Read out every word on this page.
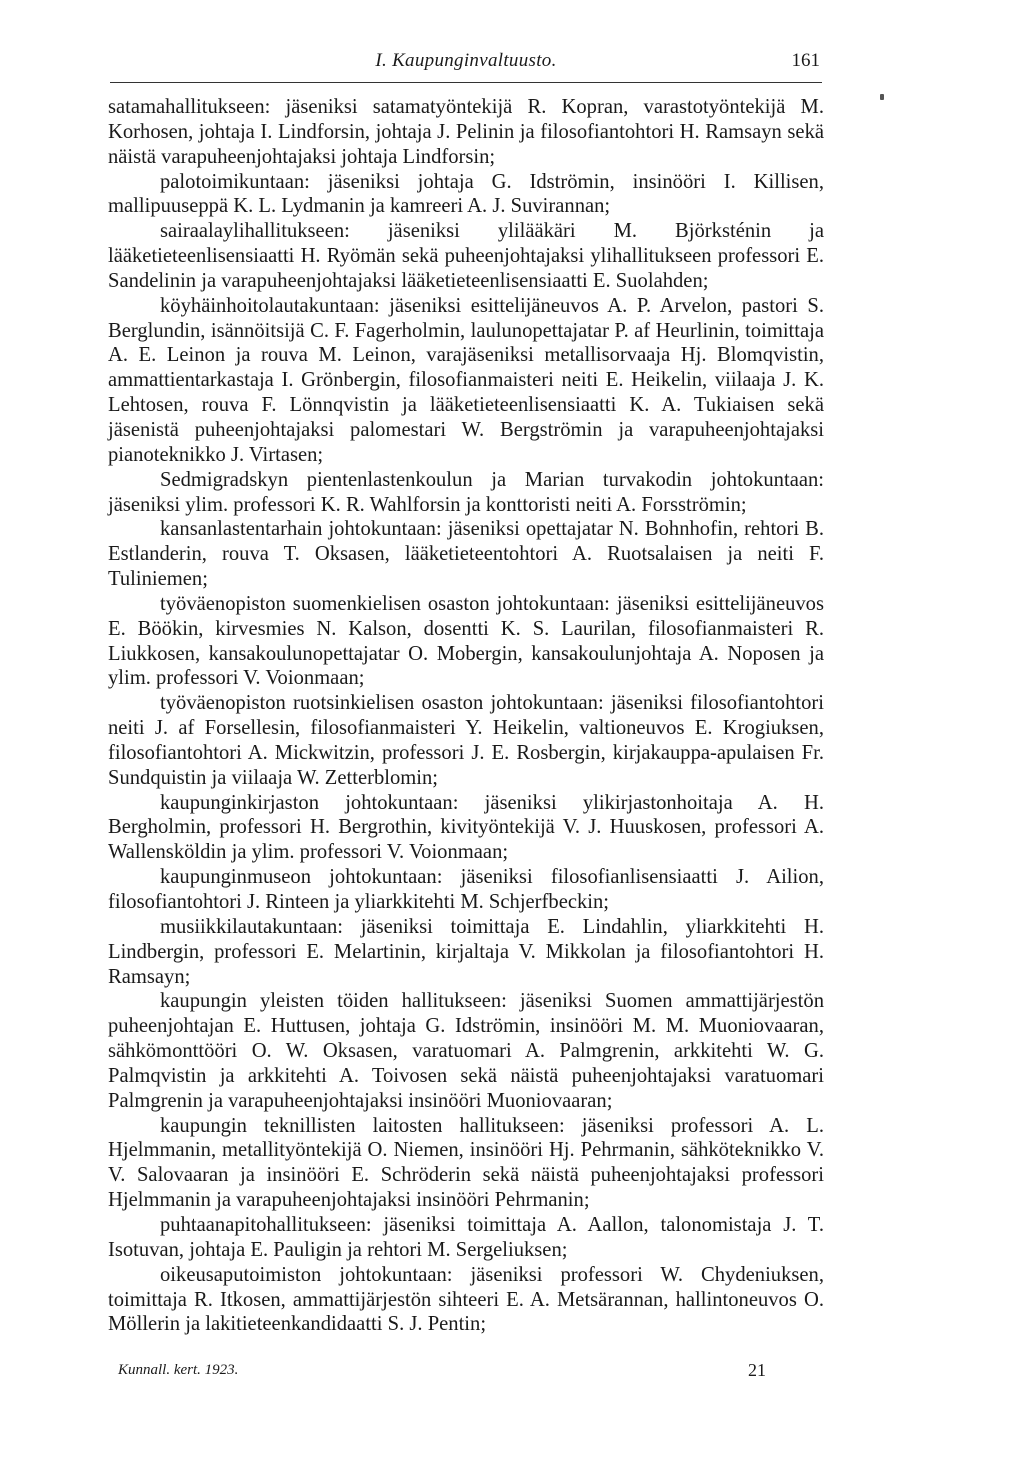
I. Kaupunginvaltuusto.	161

satamahallitukseen: jäseniksi satamatyöntekijä R. Kopran, varastotyöntekijä M. Korhosen, johtaja I. Lindforsin, johtaja J. Pelinin ja filosofiantohtori H. Ramsayn sekä näistä varapuheenjohtajaksi johtaja Lindforsin;

palotoimikuntaan: jäseniksi johtaja G. Idströmin, insinööri I. Killisen, mallipuuseppä K. L. Lydmanin ja kamreeri A. J. Suvirannan;

sairaalaylihallitukseen: jäseniksi ylilääkäri M. Björksténin ja lääketieteenlisensiaatti H. Ryömän sekä puheenjohtajaksi ylihallitukseen professori E. Sandelinin ja varapuheenjohtajaksi lääketieteenlisensiaatti E. Suolahden;

köyhäinhoitolautakuntaan: jäseniksi esittelijäneuvos A. P. Arvelon, pastori S. Berglundin, isännöitsijä C. F. Fagerholmin, laulunopettajatar P. af Heurlinin, toimittaja A. E. Leinon ja rouva M. Leinon, varajäseniksi metallisorvaaja Hj. Blomqvistin, ammattientarkastaja I. Grönbergin, filosofianmaisteri neiti E. Heikelin, viilaaja J. K. Lehtosen, rouva F. Lönnqvistin ja lääketieteenlisensiaatti K. A. Tukiaisen sekä jäsenistä puheenjohtajaksi palomestari W. Bergströmin ja varapuheenjohtajaksi pianoteknikko J. Virtasen;

Sedmigradskyn pientenlastenkoulun ja Marian turvakodin johtokuntaan: jäseniksi ylim. professori K. R. Wahlforsin ja konttoristi neiti A. Forsströmin;

kansanlastentarhain johtokuntaan: jäseniksi opettajatar N. Bohnhofin, rehtori B. Estlanderin, rouva T. Oksasen, lääketieteentohtori A. Ruotsalaisen ja neiti F. Tuliniemen;

työväenopiston suomenkielisen osaston johtokuntaan: jäseniksi esittelijäneuvos E. Böökin, kirvesmies N. Kalson, dosentti K. S. Laurilan, filosofianmaisteri R. Liukkosen, kansakoulunopettajatar O. Mobergin, kansakoulunjohtaja A. Noposen ja ylim. professori V. Voionmaan;

työväenopiston ruotsinkielisen osaston johtokuntaan: jäseniksi filosofiantohtori neiti J. af Forsellesin, filosofianmaisteri Y. Heikelin, valtioneuvos E. Krogiuksen, filosofiantohtori A. Mickwitzin, professori J. E. Rosbergin, kirjakauppa-apulaisen Fr. Sundquistin ja viilaaja W. Zetterblomin;

kaupunginkirjaston johtokuntaan: jäseniksi ylikirjastonhoitaja A. H. Bergholmin, professori H. Bergrothin, kivityöntekijä V. J. Huuskosen, professori A. Wallensköldin ja ylim. professori V. Voionmaan;

kaupunginmuseon johtokuntaan: jäseniksi filosofianlisensiaatti J. Ailion, filosofiantohtori J. Rinteen ja yliarkkitehti M. Schjerfbeckin;

musiikkilautakuntaan: jäseniksi toimittaja E. Lindahlin, yliarkkitehti H. Lindbergin, professori E. Melartinin, kirjaltaja V. Mikkolan ja filosofiantohtori H. Ramsayn;

kaupungin yleisten töiden hallitukseen: jäseniksi Suomen ammattijärjestön puheenjohtajan E. Huttusen, johtaja G. Idströmin, insinööri M. M. Muoniovaaran, sähkömonttööri O. W. Oksasen, varatuomari A. Palmgrenin, arkkitehti W. G. Palmqvistin ja arkkitehti A. Toivosen sekä näistä puheenjohtajaksi varatuomari Palmgrenin ja varapuheenjohtajaksi insinööri Muoniovaaran;

kaupungin teknillisten laitosten hallitukseen: jäseniksi professori A. L. Hjelmmanin, metallityöntekijä O. Niemen, insinööri Hj. Pehrmanin, sähköteknikko V. V. Salovaaran ja insinööri E. Schröderin sekä näistä puheenjohtajaksi professori Hjelmmanin ja varapuheenjohtajaksi insinööri Pehrmanin;

puhtaanapitohallitukseen: jäseniksi toimittaja A. Aallon, talonomistaja J. T. Isotuvan, johtaja E. Pauligin ja rehtori M. Sergeliuksen;

oikeusaputoimiston johtokuntaan: jäseniksi professori W. Chydeniuksen, toimittaja R. Itkosen, ammattijärjestön sihteeri E. A. Metsärannan, hallintoneuvos O. Möllerin ja lakitieteenkandidaatti S. J. Pentin;

Kunnall. kert. 1923.	21
